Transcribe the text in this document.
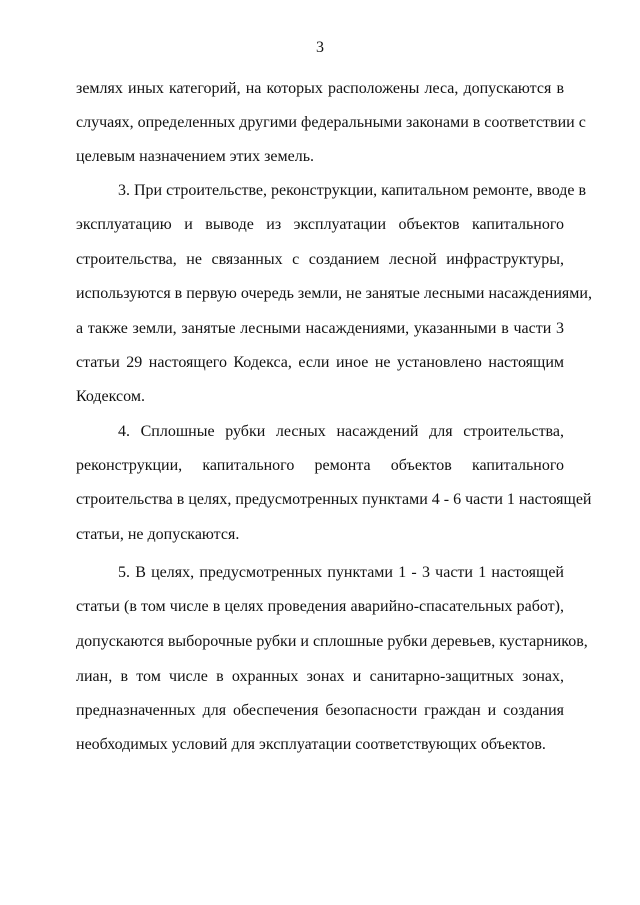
3
землях иных категорий, на которых расположены леса, допускаются в
случаях, определенных другими федеральными законами в соответствии с
целевым назначением этих земель.
3. При строительстве, реконструкции, капитальном ремонте, вводе в
эксплуатацию и выводе из эксплуатации объектов капитального
строительства, не связанных с созданием лесной инфраструктуры,
используются в первую очередь земли, не занятые лесными насаждениями,
а также земли, занятые лесными насаждениями, указанными в части 3
статьи 29 настоящего Кодекса, если иное не установлено настоящим
Кодексом.
4. Сплошные рубки лесных насаждений для строительства,
реконструкции, капитального ремонта объектов капитального
строительства в целях, предусмотренных пунктами 4 - 6 части 1 настоящей
статьи, не допускаются.
5. В целях, предусмотренных пунктами 1 - 3 части 1 настоящей
статьи (в том числе в целях проведения аварийно-спасательных работ),
допускаются выборочные рубки и сплошные рубки деревьев, кустарников,
лиан, в том числе в охранных зонах и санитарно-защитных зонах,
предназначенных для обеспечения безопасности граждан и создания
необходимых условий для эксплуатации соответствующих объектов.
